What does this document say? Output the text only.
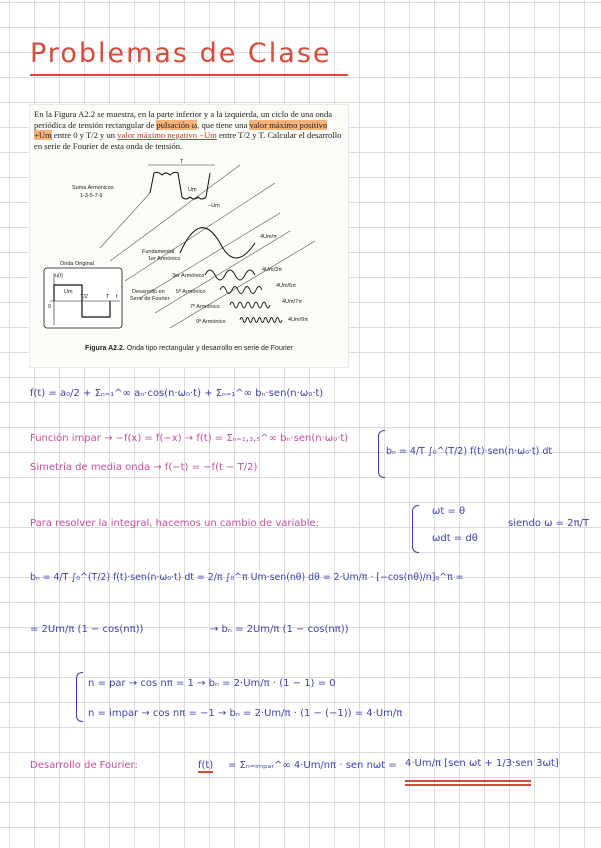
Problemas de Clase

En la Figura A2.2 se muestra, en la parte inferior y a la izquierda, un ciclo de una onda periódica de tensión rectangular de pulsación ω, que tiene una valor máximo positivo +Um entre 0 y T/2 y un valor máximo negativo −Um entre T/2 y T. Calcular el desarrollo en serie de Fourier de esta onda de tensión.

T
Um
−Um
4Um/π
4Um/3π
4Um/5π
4Um/7π
4Um/9π
Suma Armónicos
1-3-5-7-9
Fundamental
1er Armónico
3er Armónico
5º Armónico
7º Armónico
9º Armónico
Desarrollo en
Serie de Fourier
Onda Original
u(t)
Um
0
T/2	T t
Figura A2.2. Onda tipo rectangular y desarrollo en serie de Fourier
f(t) = a₀/2 + Σₙ₌₁^∞ aₙ·cos(n·ω₀·t) + Σₙ₌₁^∞ bₙ·sen(n·ω₀·t)
Función impar → −f(x) = f(−x) → f(t) = Σₙ₌₁,₃,₅^∞ bₙ·sen(n·ω₀·t)
Simetría de media onda → f(−t) = −f(t − T/2)
bₙ = 4/T ∫₀^(T/2) f(t)·sen(n·ω₀·t) dt
Para resolver la integral, hacemos un cambio de variable:
ωt = θ
ωdt = dθ
siendo ω = 2π/T
bₙ = 4/T ∫₀^(T/2) f(t)·sen(n·ω₀·t) dt = 2/π ∫₀^π Um·sen(nθ) dθ = 2·Um/π · [−cos(nθ)/n]₀^π =
= 2Um/π (1 − cos(nπ))	→ bₙ = 2Um/π (1 − cos(nπ))
n = par → cos nπ = 1 → bₙ = 2·Um/π · (1 − 1) = 0
n = impar → cos nπ = −1 → bₙ = 2·Um/π · (1 − (−1)) = 4·Um/π
Desarrollo de Fourier:	f(t) = Σₙ₌ᵢₘₚₐᵣ^∞ 4·Um/nπ · sen nωt = 4·Um/π [sen ωt + 1/3·sen 3ωt]
